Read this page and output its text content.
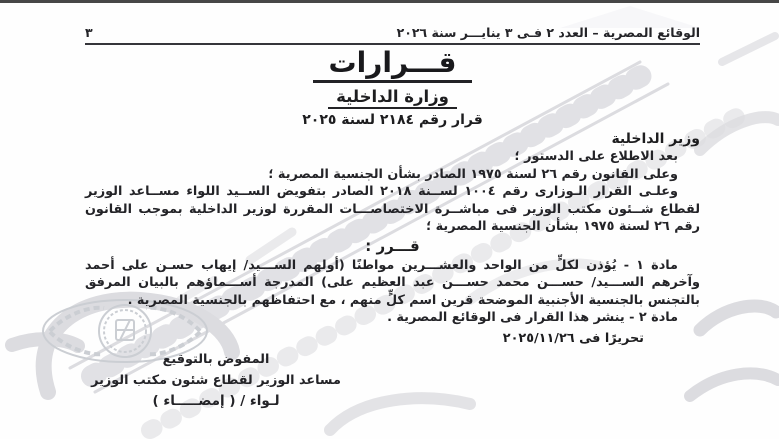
الوقائع المصرية – العدد ٢ فـى ٣ ينايـــر سنة ٢٠٢٦
٣
قـــرارات
وزارة الداخلية
قرار رقم ٢١٨٤ لسنة ٢٠٢٥
وزير الداخلية

بعد الاطلاع على الدستور ؛

وعلى القانون رقم ٢٦ لسنة ١٩٧٥ الصادر بشأن الجنسية المصرية ؛

وعلـى القرار الـوزارى رقم ١٠٠٤ لســنة ٢٠١٨ الصادر بتفويض الســيد اللواء مســاعد الوزير لقطاع شــئون مكتب الوزير فى مباشــرة الاختصاصـــات المقررة لوزير الداخلية بموجب القانون رقم ٢٦ لسنة ١٩٧٥ بشأن الجنسية المصرية ؛

قـــرر :

مادة ١ - يُؤذن لكلٍّ من الواحد والعشـــرين مواطنًا (أولهم الســـيد/ إيهاب حسـن على أحمد وآخرهم الســـيد/ حســـن محمد حســـن عبد العظيم على) المدرجة أســـماؤهم بالبيان المرفق بالتجنس بالجنسية الأجنبية الموضحة قرين اسم كلٍّ منهم ، مع احتفاظهم بالجنسية المصرية .

مادة ٢ - ينشر هذا القرار فى الوقائع المصرية .

تحريرًا فى ٢٠٢٥/١١/٢٦
المفوض بالتوقيع
مساعد الوزير لقطاع شئون مكتب الوزير
لـواء / ( إمضـــــاء )
